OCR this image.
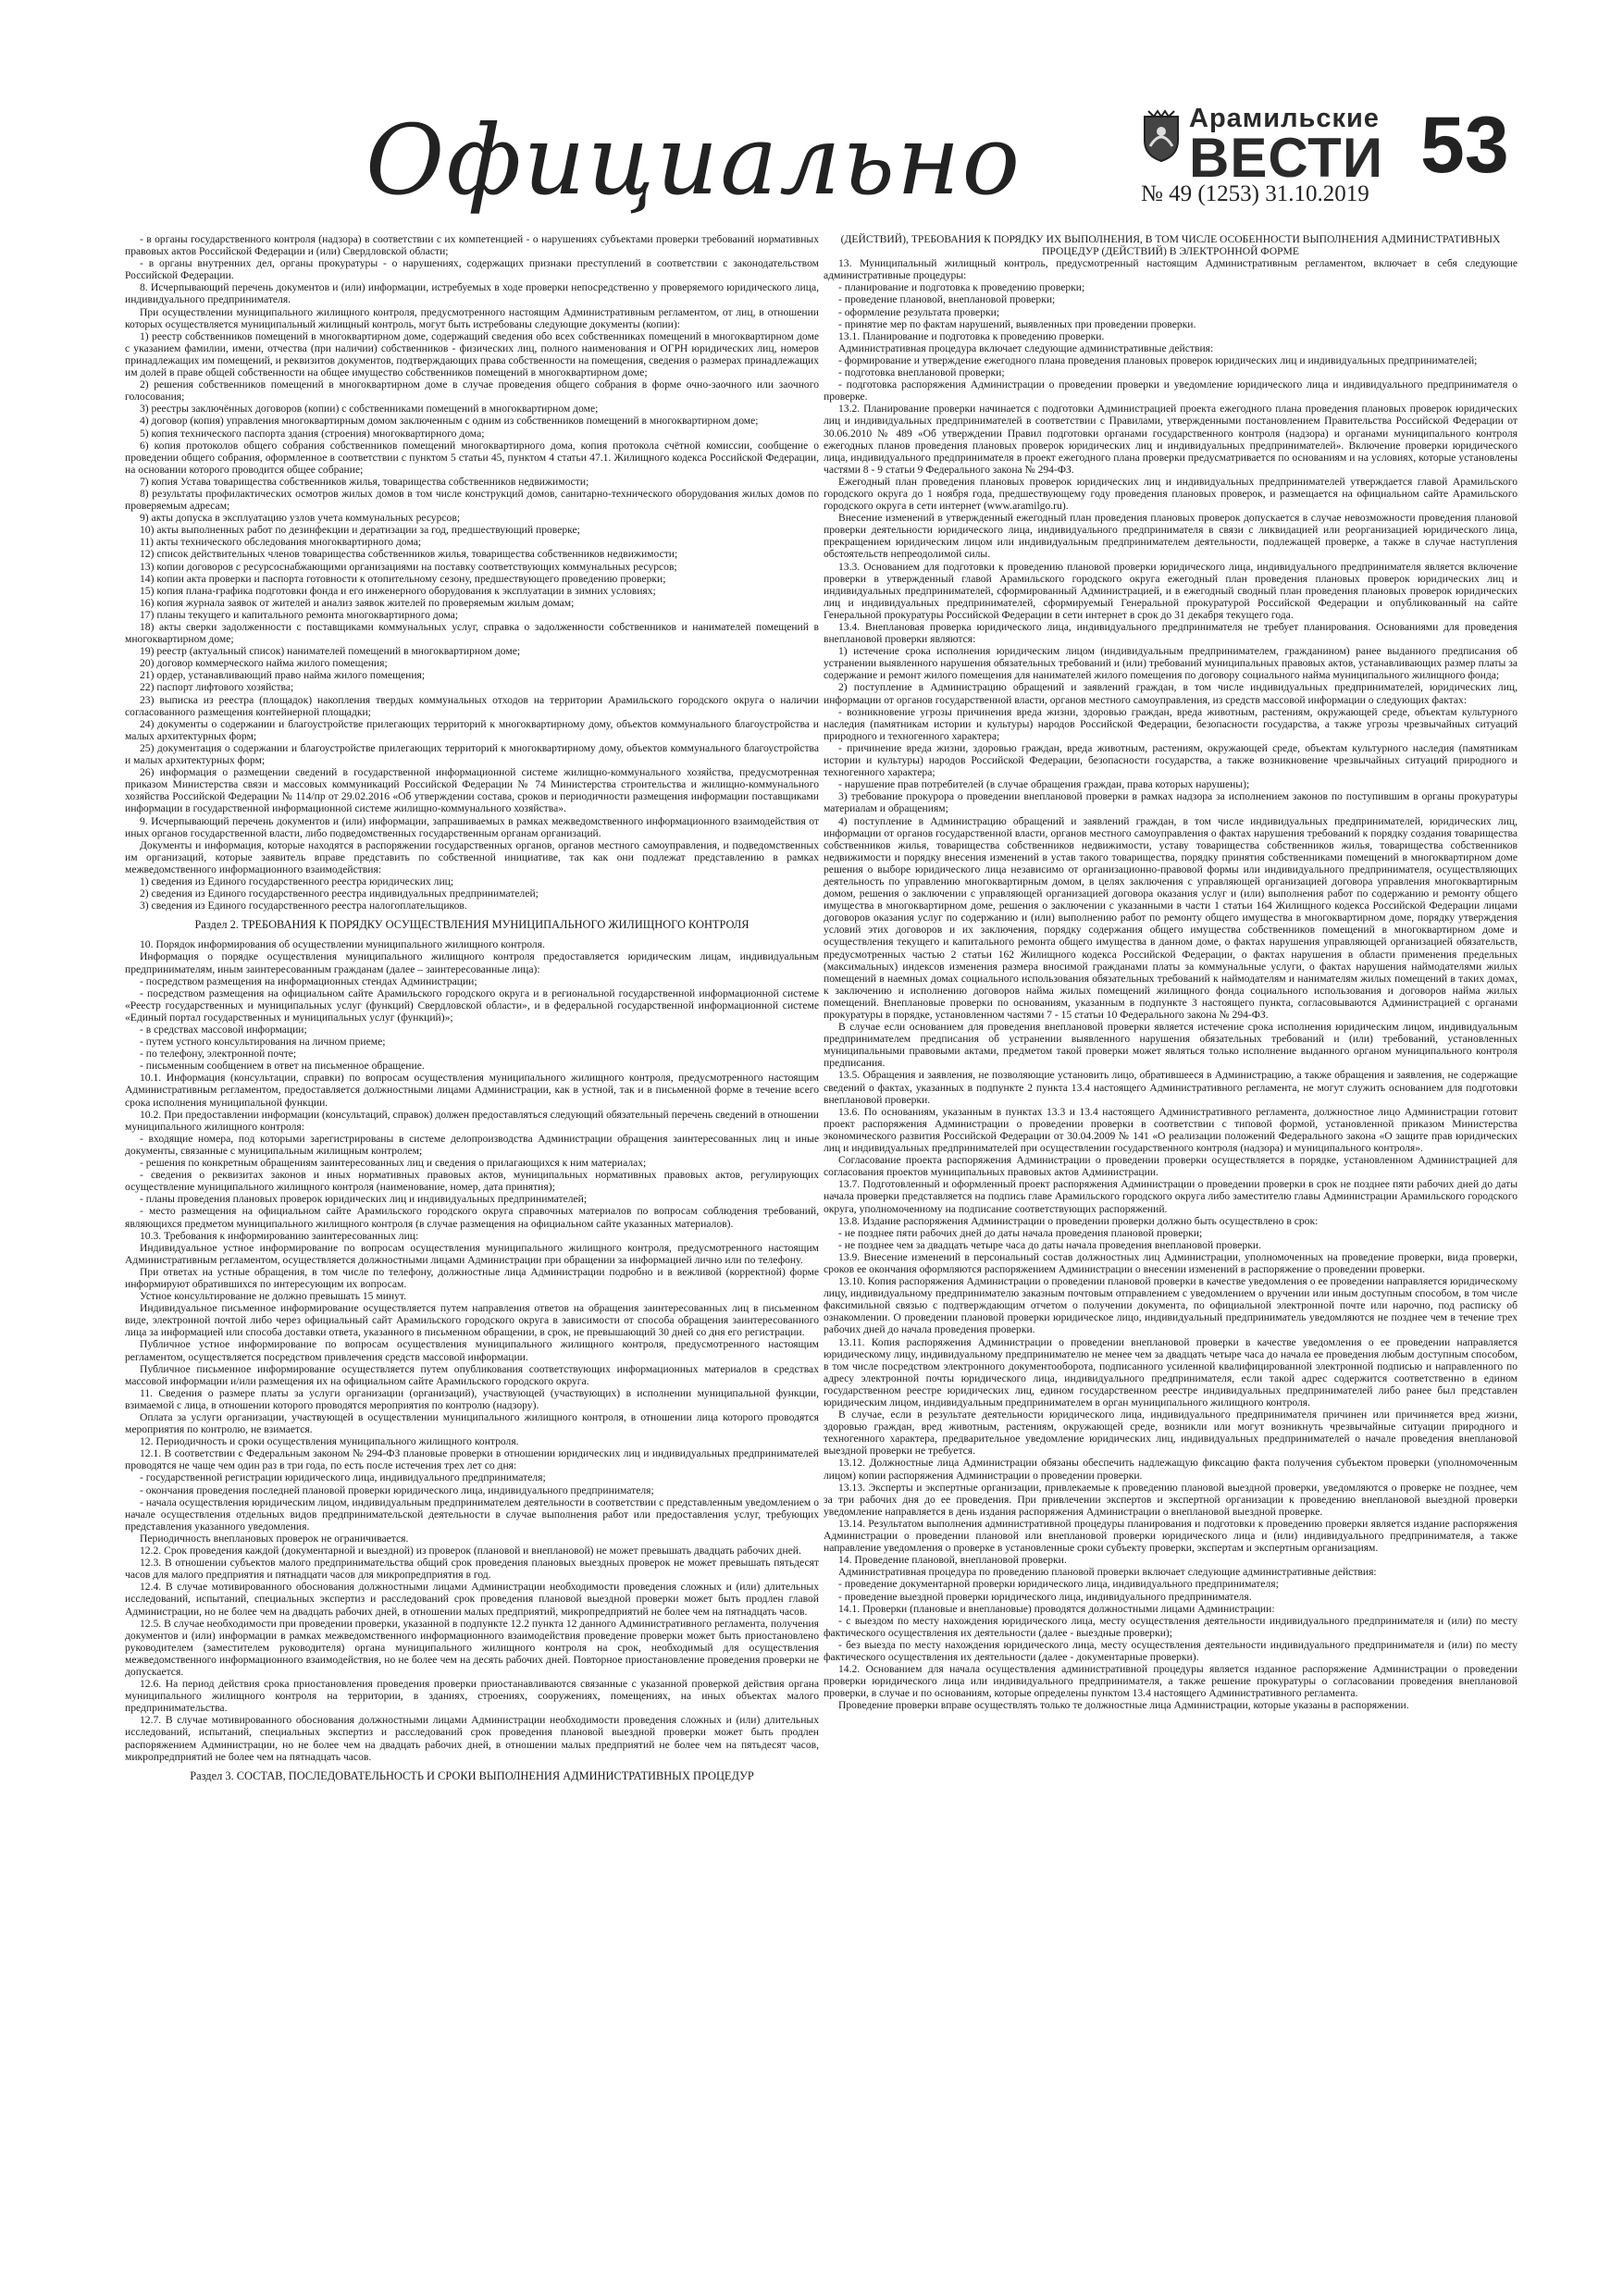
Официально	Арамильские
ВЕСТИ
№ 49 (1253) 31.10.2019
53

- в органы государственного контроля (надзора) в соответствии с их компетенцией - о нарушениях субъектами проверки требований нормативных правовых актов Российской Федерации и (или) Свердловской области;

- в органы внутренних дел, органы прокуратуры - о нарушениях, содержащих признаки преступлений в соответствии с законодательством Российской Федерации.

8. Исчерпывающий перечень документов и (или) информации, истребуемых в ходе проверки непосредственно у проверяемого юридического лица, индивидуального предпринимателя.

При осуществлении муниципального жилищного контроля, предусмотренного настоящим Административным регламентом, от лиц, в отношении которых осуществляется муниципальный жилищный контроль, могут быть истребованы следующие документы (копии):

1) реестр собственников помещений в многоквартирном доме, содержащий сведения обо всех собственниках помещений в многоквартирном доме с указанием фамилии, имени, отчества (при наличии) собственников - физических лиц, полного наименования и ОГРН юридических лиц, номеров принадлежащих им помещений, и реквизитов документов, подтверждающих права собственности на помещения, сведения о размерах принадлежащих им долей в праве общей собственности на общее имущество собственников помещений в многоквартирном доме;

2) решения собственников помещений в многоквартирном доме в случае проведения общего собрания в форме очно-заочного или заочного голосования;

3) реестры заключённых договоров (копии) с собственниками помещений в многоквартирном доме;

4) договор (копия) управления многоквартирным домом заключенным с одним из собственников помещений в многоквартирном доме;

5) копия технического паспорта здания (строения) многоквартирного дома;

6) копия протоколов общего собрания собственников помещений многоквартирного дома, копия протокола счётной комиссии, сообщение о проведении общего собрания, оформленное в соответствии с пунктом 5 статьи 45, пунктом 4 статьи 47.1. Жилищного кодекса Российской Федерации, на основании которого проводится общее собрание;

7) копия Устава товарищества собственников жилья, товарищества собственников недвижимости;

8) результаты профилактических осмотров жилых домов в том числе конструкций домов, санитарно-технического оборудования жилых домов по проверяемым адресам;

9) акты допуска в эксплуатацию узлов учета коммунальных ресурсов;

10) акты выполненных работ по дезинфекции и дератизации за год, предшествующий проверке;

11) акты технического обследования многоквартирного дома;

12) список действительных членов товарищества собственников жилья, товарищества собственников недвижимости;

13) копии договоров с ресурсоснабжающими организациями на поставку соответствующих коммунальных ресурсов;

14) копии акта проверки и паспорта готовности к отопительному сезону, предшествующего проведению проверки;

15) копия плана-графика подготовки фонда и его инженерного оборудования к эксплуатации в зимних условиях;

16) копия журнала заявок от жителей и анализ заявок жителей по проверяемым жилым домам;

17) планы текущего и капитального ремонта многоквартирного дома;

18) акты сверки задолженности с поставщиками коммунальных услуг, справка о задолженности собственников и нанимателей помещений в многоквартирном доме;

19) реестр (актуальный список) нанимателей помещений в многоквартирном доме;

20) договор коммерческого найма жилого помещения;

21) ордер, устанавливающий право найма жилого помещения;

22) паспорт лифтового хозяйства;

23) выписка из реестра (площадок) накопления твердых коммунальных отходов на территории Арамильского городского округа о наличии согласованного размещения контейнерной площадки;

24) документы о содержании и благоустройстве прилегающих территорий к многоквартирному дому, объектов коммунального благоустройства и малых архитектурных форм;

25) документация о содержании и благоустройстве прилегающих территорий к многоквартирному дому, объектов коммунального благоустройства и малых архитектурных форм;

26) информация о размещении сведений в государственной информационной системе жилищно-коммунального хозяйства, предусмотренная приказом Министерства связи и массовых коммуникаций Российской Федерации № 74 Министерства строительства и жилищно-коммунального хозяйства Российской Федерации № 114/пр от 29.02.2016 «Об утверждении состава, сроков и периодичности размещения информации поставщиками информации в государственной информационной системе жилищно-коммунального хозяйства».

9. Исчерпывающий перечень документов и (или) информации, запрашиваемых в рамках межведомственного информационного взаимодействия от иных органов государственной власти, либо подведомственных государственным органам организаций.

Документы и информация, которые находятся в распоряжении государственных органов, органов местного самоуправления, и подведомственных им организаций, которые заявитель вправе представить по собственной инициативе, так как они подлежат представлению в рамках межведомственного информационного взаимодействия:

1) сведения из Единого государственного реестра юридических лиц;

2) сведения из Единого государственного реестра индивидуальных предпринимателей;

3) сведения из Единого государственного реестра налогоплательщиков.

Раздел 2. ТРЕБОВАНИЯ К ПОРЯДКУ ОСУЩЕСТВЛЕНИЯ МУНИЦИПАЛЬНОГО ЖИЛИЩНОГО КОНТРОЛЯ

10. Порядок информирования об осуществлении муниципального жилищного контроля.

Информация о порядке осуществления муниципального жилищного контроля предоставляется юридическим лицам, индивидуальным предпринимателям, иным заинтересованным гражданам (далее – заинтересованные лица):

- посредством размещения на информационных стендах Администрации;

- посредством размещения на официальном сайте Арамильского городского округа и в региональной государственной информационной системе «Реестр государственных и муниципальных услуг (функций) Свердловской области», и в федеральной государственной информационной системе «Единый портал государственных и муниципальных услуг (функций)»;

- в средствах массовой информации;

- путем устного консультирования на личном приеме;

- по телефону, электронной почте;

- письменным сообщением в ответ на письменное обращение.

10.1. Информация (консультации, справки) по вопросам осуществления муниципального жилищного контроля, предусмотренного настоящим Административным регламентом, предоставляется должностными лицами Администрации, как в устной, так и в письменной форме в течение всего срока исполнения муниципальной функции.

10.2. При предоставлении информации (консультаций, справок) должен предоставляться следующий обязательный перечень сведений в отношении муниципального жилищного контроля:

- входящие номера, под которыми зарегистрированы в системе делопроизводства Администрации обращения заинтересованных лиц и иные документы, связанные с муниципальным жилищным контролем;

- решения по конкретным обращениям заинтересованных лиц и сведения о прилагающихся к ним материалах;

- сведения о реквизитах законов и иных нормативных правовых актов, муниципальных нормативных правовых актов, регулирующих осуществление муниципального жилищного контроля (наименование, номер, дата принятия);

- планы проведения плановых проверок юридических лиц и индивидуальных предпринимателей;

- место размещения на официальном сайте Арамильского городского округа справочных материалов по вопросам соблюдения требований, являющихся предметом муниципального жилищного контроля (в случае размещения на официальном сайте указанных материалов).

10.3. Требования к информированию заинтересованных лиц:

Индивидуальное устное информирование по вопросам осуществления муниципального жилищного контроля, предусмотренного настоящим Административным регламентом, осуществляется должностными лицами Администрации при обращении за информацией лично или по телефону.

При ответах на устные обращения, в том числе по телефону, должностные лица Администрации подробно и в вежливой (корректной) форме информируют обратившихся по интересующим их вопросам.

Устное консультирование не должно превышать 15 минут.

Индивидуальное письменное информирование осуществляется путем направления ответов на обращения заинтересованных лиц в письменном виде, электронной почтой либо через официальный сайт Арамильского городского округа в зависимости от способа обращения заинтересованного лица за информацией или способа доставки ответа, указанного в письменном обращении, в срок, не превышающий 30 дней со дня его регистрации.

Публичное устное информирование по вопросам осуществления муниципального жилищного контроля, предусмотренного настоящим регламентом, осуществляется посредством привлечения средств массовой информации.

Публичное письменное информирование осуществляется путем опубликования соответствующих информационных материалов в средствах массовой информации и/или размещения их на официальном сайте Арамильского городского округа.

11. Сведения о размере платы за услуги организации (организаций), участвующей (участвующих) в исполнении муниципальной функции, взимаемой с лица, в отношении которого проводятся мероприятия по контролю (надзору).

Оплата за услуги организации, участвующей в осуществлении муниципального жилищного контроля, в отношении лица которого проводятся мероприятия по контролю, не взимается.

12. Периодичность и сроки осуществления муниципального жилищного контроля.

12.1. В соответствии с Федеральным законом № 294-ФЗ плановые проверки в отношении юридических лиц и индивидуальных предпринимателей проводятся не чаще чем один раз в три года, по есть после истечения трех лет со дня:

- государственной регистрации юридического лица, индивидуального предпринимателя;

- окончания проведения последней плановой проверки юридического лица, индивидуального предпринимателя;

- начала осуществления юридическим лицом, индивидуальным предпринимателем деятельности в соответствии с представленным уведомлением о начале осуществления отдельных видов предпринимательской деятельности в случае выполнения работ или предоставления услуг, требующих представления указанного уведомления.

Периодичность внеплановых проверок не ограничивается.

12.2. Срок проведения каждой (документарной и выездной) из проверок (плановой и внеплановой) не может превышать двадцать рабочих дней.

12.3. В отношении субъектов малого предпринимательства общий срок проведения плановых выездных проверок не может превышать пятьдесят часов для малого предприятия и пятнадцати часов для микропредприятия в год.

12.4. В случае мотивированного обоснования должностными лицами Администрации необходимости проведения сложных и (или) длительных исследований, испытаний, специальных экспертиз и расследований срок проведения плановой выездной проверки может быть продлен главой Администрации, но не более чем на двадцать рабочих дней, в отношении малых предприятий, микропредприятий не более чем на пятнадцать часов.

12.5. В случае необходимости при проведении проверки, указанной в подпункте 12.2 пункта 12 данного Административного регламента, получения документов и (или) информации в рамках межведомственного информационного взаимодействия проведение проверки может быть приостановлено руководителем (заместителем руководителя) органа муниципального жилищного контроля на срок, необходимый для осуществления межведомственного информационного взаимодействия, но не более чем на десять рабочих дней. Повторное приостановление проведения проверки не допускается.

12.6. На период действия срока приостановления проведения проверки приостанавливаются связанные с указанной проверкой действия органа муниципального жилищного контроля на территории, в зданиях, строениях, сооружениях, помещениях, на иных объектах малого предпринимательства.

12.7. В случае мотивированного обоснования должностными лицами Администрации необходимости проведения сложных и (или) длительных исследований, испытаний, специальных экспертиз и расследований срок проведения плановой выездной проверки может быть продлен распоряжением Администрации, но не более чем на двадцать рабочих дней, в отношении малых предприятий не более чем на пятьдесят часов, микропредприятий не более чем на пятнадцать часов.

Раздел 3. СОСТАВ, ПОСЛЕДОВАТЕЛЬНОСТЬ И СРОКИ ВЫПОЛНЕНИЯ АДМИНИСТРАТИВНЫХ ПРОЦЕДУР

(ДЕЙСТВИЙ), ТРЕБОВАНИЯ К ПОРЯДКУ ИХ ВЫПОЛНЕНИЯ, В ТОМ ЧИСЛЕ ОСОБЕННОСТИ ВЫПОЛНЕНИЯ АДМИНИСТРАТИВНЫХ ПРОЦЕДУР (ДЕЙСТВИЙ) В ЭЛЕКТРОННОЙ ФОРМЕ

13. Муниципальный жилищный контроль, предусмотренный настоящим Административным регламентом, включает в себя следующие административные процедуры:

- планирование и подготовка к проведению проверки;

- проведение плановой, внеплановой проверки;

- оформление результата проверки;

- принятие мер по фактам нарушений, выявленных при проведении проверки.

13.1. Планирование и подготовка к проведению проверки.

Административная процедура включает следующие административные действия:

- формирование и утверждение ежегодного плана проведения плановых проверок юридических лиц и индивидуальных предпринимателей;

- подготовка внеплановой проверки;

- подготовка распоряжения Администрации о проведении проверки и уведомление юридического лица и индивидуального предпринимателя о проверке.

13.2. Планирование проверки начинается с подготовки Администрацией проекта ежегодного плана проведения плановых проверок юридических лиц и индивидуальных предпринимателей в соответствии с Правилами, утвержденными постановлением Правительства Российской Федерации от 30.06.2010 № 489 «Об утверждении Правил подготовки органами государственного контроля (надзора) и органами муниципального контроля ежегодных планов проведения плановых проверок юридических лиц и индивидуальных предпринимателей». Включение проверки юридического лица, индивидуального предпринимателя в проект ежегодного плана проверки предусматривается по основаниям и на условиях, которые установлены частями 8 - 9 статьи 9 Федерального закона № 294-ФЗ.

Ежегодный план проведения плановых проверок юридических лиц и индивидуальных предпринимателей утверждается главой Арамильского городского округа до 1 ноября года, предшествующему году проведения плановых проверок, и размещается на официальном сайте Арамильского городского округа в сети интернет (www.aramilgo.ru).

Внесение изменений в утвержденный ежегодный план проведения плановых проверок допускается в случае невозможности проведения плановой проверки деятельности юридического лица, индивидуального предпринимателя в связи с ликвидацией или реорганизацией юридического лица, прекращением юридическим лицом или индивидуальным предпринимателем деятельности, подлежащей проверке, а также в случае наступления обстоятельств непреодолимой силы.

13.3. Основанием для подготовки к проведению плановой проверки юридического лица, индивидуального предпринимателя является включение проверки в утвержденный главой Арамильского городского округа ежегодный план проведения плановых проверок юридических лиц и индивидуальных предпринимателей, сформированный Администрацией, и в ежегодный сводный план проведения плановых проверок юридических лиц и индивидуальных предпринимателей, сформируемый Генеральной прокуратурой Российской Федерации и опубликованный на сайте Генеральной прокуратуры Российской Федерации в сети интернет в срок до 31 декабря текущего года.

13.4. Внеплановая проверка юридического лица, индивидуального предпринимателя не требует планирования. Основаниями для проведения внеплановой проверки являются:

1) истечение срока исполнения юридическим лицом (индивидуальным предпринимателем, гражданином) ранее выданного предписания об устранении выявленного нарушения обязательных требований и (или) требований муниципальных правовых актов, устанавливающих размер платы за содержание и ремонт жилого помещения для нанимателей жилого помещения по договору социального найма муниципального жилищного фонда;

2) поступление в Администрацию обращений и заявлений граждан, в том числе индивидуальных предпринимателей, юридических лиц, информации от органов государственной власти, органов местного самоуправления, из средств массовой информации о следующих фактах:

- возникновение угрозы причинения вреда жизни, здоровью граждан, вреда животным, растениям, окружающей среде, объектам культурного наследия (памятникам истории и культуры) народов Российской Федерации, безопасности государства, а также угрозы чрезвычайных ситуаций природного и техногенного характера;

- причинение вреда жизни, здоровью граждан, вреда животным, растениям, окружающей среде, объектам культурного наследия (памятникам истории и культуры) народов Российской Федерации, безопасности государства, а также возникновение чрезвычайных ситуаций природного и техногенного характера;

- нарушение прав потребителей (в случае обращения граждан, права которых нарушены);

3) требование прокурора о проведении внеплановой проверки в рамках надзора за исполнением законов по поступившим в органы прокуратуры материалам и обращениям;

4) поступление в Администрацию обращений и заявлений граждан, в том числе индивидуальных предпринимателей, юридических лиц, информации от органов государственной власти, органов местного самоуправления о фактах нарушения требований к порядку создания товарищества собственников жилья, товарищества собственников недвижимости, уставу товарищества собственников жилья, товарищества собственников недвижимости и порядку внесения изменений в устав такого товарищества, порядку принятия собственниками помещений в многоквартирном доме решения о выборе юридического лица независимо от организационно-правовой формы или индивидуального предпринимателя, осуществляющих деятельность по управлению многоквартирным домом, в целях заключения с управляющей организацией договора управления многоквартирным домом, решения о заключении с управляющей организацией договора оказания услуг и (или) выполнения работ по содержанию и ремонту общего имущества в многоквартирном доме, решения о заключении с указанными в части 1 статьи 164 Жилищного кодекса Российской Федерации лицами договоров оказания услуг по содержанию и (или) выполнению работ по ремонту общего имущества в многоквартирном доме, порядку утверждения условий этих договоров и их заключения, порядку содержания общего имущества собственников помещений в многоквартирном доме и осуществления текущего и капитального ремонта общего имущества в данном доме, о фактах нарушения управляющей организацией обязательств, предусмотренных частью 2 статьи 162 Жилищного кодекса Российской Федерации, о фактах нарушения в области применения предельных (максимальных) индексов изменения размера вносимой гражданами платы за коммунальные услуги, о фактах нарушения наймодателями жилых помещений в наемных домах социального использования обязательных требований к наймодателям и нанимателям жилых помещений в таких домах, к заключению и исполнению договоров найма жилых помещений жилищного фонда социального использования и договоров найма жилых помещений. Внеплановые проверки по основаниям, указанным в подпункте 3 настоящего пункта, согласовываются Администрацией с органами прокуратуры в порядке, установленном частями 7 - 15 статьи 10 Федерального закона № 294-ФЗ.

В случае если основанием для проведения внеплановой проверки является истечение срока исполнения юридическим лицом, индивидуальным предпринимателем предписания об устранении выявленного нарушения обязательных требований и (или) требований, установленных муниципальными правовыми актами, предметом такой проверки может являться только исполнение выданного органом муниципального контроля предписания.

13.5. Обращения и заявления, не позволяющие установить лицо, обратившееся в Администрацию, а также обращения и заявления, не содержащие сведений о фактах, указанных в подпункте 2 пункта 13.4 настоящего Административного регламента, не могут служить основанием для подготовки внеплановой проверки.

13.6. По основаниям, указанным в пунктах 13.3 и 13.4 настоящего Административного регламента, должностное лицо Администрации готовит проект распоряжения Администрации о проведении проверки в соответствии с типовой формой, установленной приказом Министерства экономического развития Российской Федерации от 30.04.2009 № 141 «О реализации положений Федерального закона «О защите прав юридических лиц и индивидуальных предпринимателей при осуществлении государственного контроля (надзора) и муниципального контроля».

Согласование проекта распоряжения Администрации о проведении проверки осуществляется в порядке, установленном Администрацией для согласования проектов муниципальных правовых актов Администрации.

13.7. Подготовленный и оформленный проект распоряжения Администрации о проведении проверки в срок не позднее пяти рабочих дней до даты начала проверки представляется на подпись главе Арамильского городского округа либо заместителю главы Администрации Арамильского городского округа, уполномоченному на подписание соответствующих распоряжений.

13.8. Издание распоряжения Администрации о проведении проверки должно быть осуществлено в срок:

- не позднее пяти рабочих дней до даты начала проведения плановой проверки;

- не позднее чем за двадцать четыре часа до даты начала проведения внеплановой проверки.

13.9. Внесение изменений в персональный состав должностных лиц Администрации, уполномоченных на проведение проверки, вида проверки, сроков ее окончания оформляются распоряжением Администрации о внесении изменений в распоряжение о проведении проверки.

13.10. Копия распоряжения Администрации о проведении плановой проверки в качестве уведомления о ее проведении направляется юридическому лицу, индивидуальному предпринимателю заказным почтовым отправлением с уведомлением о вручении или иным доступным способом, в том числе факсимильной связью с подтверждающим отчетом о получении документа, по официальной электронной почте или нарочно, под расписку об ознакомлении. О проведении плановой проверки юридическое лицо, индивидуальный предприниматель уведомляются не позднее чем в течение трех рабочих дней до начала проведения проверки.

13.11. Копия распоряжения Администрации о проведении внеплановой проверки в качестве уведомления о ее проведении направляется юридическому лицу, индивидуальному предпринимателю не менее чем за двадцать четыре часа до начала ее проведения любым доступным способом, в том числе посредством электронного документооборота, подписанного усиленной квалифицированной электронной подписью и направленного по адресу электронной почты юридического лица, индивидуального предпринимателя, если такой адрес содержится соответственно в едином государственном реестре юридических лиц, едином государственном реестре индивидуальных предпринимателей либо ранее был представлен юридическим лицом, индивидуальным предпринимателем в орган муниципального жилищного контроля.

В случае, если в результате деятельности юридического лица, индивидуального предпринимателя причинен или причиняется вред жизни, здоровью граждан, вред животным, растениям, окружающей среде, возникли или могут возникнуть чрезвычайные ситуации природного и техногенного характера, предварительное уведомление юридических лиц, индивидуальных предпринимателей о начале проведения внеплановой выездной проверки не требуется.

13.12. Должностные лица Администрации обязаны обеспечить надлежащую фиксацию факта получения субъектом проверки (уполномоченным лицом) копии распоряжения Администрации о проведении проверки.

13.13. Эксперты и экспертные организации, привлекаемые к проведению плановой выездной проверки, уведомляются о проверке не позднее, чем за три рабочих дня до ее проведения. При привлечении экспертов и экспертной организации к проведению внеплановой выездной проверки уведомление направляется в день издания распоряжения Администрации о внеплановой выездной проверке.

13.14. Результатом выполнения административной процедуры планирования и подготовки к проведению проверки является издание распоряжения Администрации о проведении плановой или внеплановой проверки юридического лица и (или) индивидуального предпринимателя, а также направление уведомления о проверке в установленные сроки субъекту проверки, экспертам и экспертным организациям.

14. Проведение плановой, внеплановой проверки.

Административная процедура по проведению плановой проверки включает следующие административные действия:

- проведение документарной проверки юридического лица, индивидуального предпринимателя;

- проведение выездной проверки юридического лица, индивидуального предпринимателя.

14.1. Проверки (плановые и внеплановые) проводятся должностными лицами Администрации:

- с выездом по месту нахождения юридического лица, месту осуществления деятельности индивидуального предпринимателя и (или) по месту фактического осуществления их деятельности (далее - выездные проверки);

- без выезда по месту нахождения юридического лица, месту осуществления деятельности индивидуального предпринимателя и (или) по месту фактического осуществления их деятельности (далее - документарные проверки).

14.2. Основанием для начала осуществления административной процедуры является изданное распоряжение Администрации о проведении проверки юридического лица или индивидуального предпринимателя, а также решение прокуратуры о согласовании проведения внеплановой проверки, в случае и по основаниям, которые определены пунктом 13.4 настоящего Административного регламента.

Проведение проверки вправе осуществлять только те должностные лица Администрации, которые указаны в распоряжении.
